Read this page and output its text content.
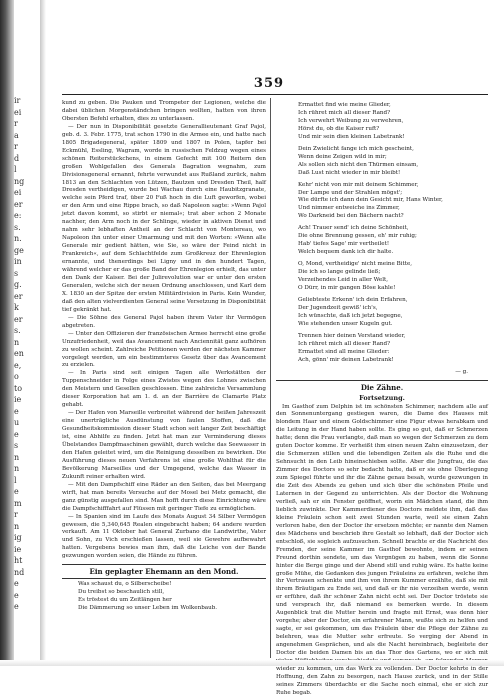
ir
ei
r
a
r
d
l
ng
ei
er
e:
s.
n.
ge
in
s
g.
er
k
er
s.
n
en
e,
o
to
ie
e
u
e
s
n
n
l
e
m
r
n
ig
ie
ht
nd
e
e
e
359
kund zu geben. Die Pauken und Trompeter der Legionen, welche die dabei üblichen Morgenständchen bringen wollten, hatten von ihren Obersten Befehl erhalten, dies zu unterlassen.
— Der nun in Disponibilität gesetzte Generallieutenant Graf Pajol, geb. d. 3. Febr. 1775, trat schon 1790 in die Armee ein, und hatte nach 1805 Brigadegeneral, später 1809 und 1807 in Polen, tapfer bei Eckmühl, Essling, Wagram, worde in russischen Feldzug wegen eines schönen Reiterstückchens, in einem Gefecht mit 100 Reitern den großen Wohlgefallen des Generals Bagration wegnahm, zum Divisionsgeneral ernannt, fehrte verwundet aus Rußland zurück, nahm 1813 an den Schlachten von Lützen, Bautzen und Dresden Theil, half Dresden vertheidigen, wurde bei Wachau durch eine Haubitzgranate, welche sein Pferd traf, über 20 Fuß hoch in die Luft geworfen, wobei er den Arm und eine Rippe brach, so daß Napoleon sagte: »Wenn Pajol jetzt davon kommt, so stirbt er niemal«; trat aber schon 2 Monate nachher, den Arm noch in der Schlinge, wieder in aktiven Dienst und nahm sehr lebhaften Antheil an der Schlacht von Montereau, wo Napoleon ihn unter einer Umarmung und mit den Worten: »Wenn alle Generale mir gedient hätten, wie Sie, so wäre der Feind nicht in Frankreich«, auf dem Schlachtfelde zum Großkreuz der Ehrenlegion ernannte, und thenerdings bei Ligny und in den hundert Tagen, während welcher er das große Band der Ehrenlegion erhielt, das unter den Dank der Kaiser. Bei der Julirevolution war er unter den ersten Generalen, welche sich der neuen Ordnung anschlossen, und Karl dem X. 1830 an der Spitze der ersten Militärdivision in Paris. Kein Wunder, daß den alten vielverdienten General seine Versetzung in Disponibilität tief gekränkt hat.
— Die Söhne des General Pajol haben ihrem Vater ihr Vermögen abgetreten.
— Unter den Offizieren der französischen Armee herrscht eine große Unzufriedenheit, weil das Avancement nach Anciennität ganz aufhören zu wollen scheint. Zahlreiche Petitionen werden der nächsten Kammer vorgelegt werden, um ein bestimmteres Gesetz über das Avancement zu erzielen.
— In Paris sind seit einigen Tagen alle Werkstätten der Tuppenschneider in Folge eines Zwistes wegen des Lohnes zwischen den Meistern und Gesellen geschlossen. Eine zahlreiche Versammlung dieser Korporation hat am 1. d. an der Barrière de Clamarte Platz gehabt.
— Der Hafen von Marseille verbreitet während der heißen Jahreszeit eine unerträgliche Ausdünstung von faulen Stoffen, daß die Gesundheitskommission dieser Stadt schon seit langer Zeit beschäftigt ist, eine Abhilfe zu finden. Jetzt hat man zur Verminderung dieses Übelstandes Dampfmaschinen gewählt, durch welche das Seewasser in den Hafen geleitet wird, um die Reinigung desselben zu bewirken. Die Ausführung dieses neuen Verfahrens ist eine große Wohlthat für die Bevölkerung Marseilles und der Umgegend, welche das Wasser in Zukunft reiner erhalten wird.
— Mit den Dampfschiff eine Räder an den Seiten, das bei Meergang wirft, hat man bereits Versuche auf der Mosel bei Metz gemacht, die ganz günstig ausgefallen sind. Man hofft durch diese Einrichtung wäre die Dampfschifffahrt auf Flüssen mit geringer Tiefe zu ermöglichen.
— In Spanien sind im Laufe des Monats August 34 Silber Vermögen gewesen, die 5,340,645 Realen eingebracht haben; 64 andere wurden verkauft. Am 11 Oktober hat General Zurbano die Landwirthe, Vater und Sohn, zu Vich erschießen lassen, weil sie Gewehre aufbewahrt hatten. Vergebens bewies man ihm, daß die Leiche von der Bande gezwungen worden seien, die Hände zu führen.
Ein geplagter Ehemann an den Mond.
Was schaust du, o Silberscheibe!
Du treibst so beschaulich still,
Es tröstest du um Zeitlängen her
Die Dämmerung so unser Leben im Wolkenbaub.
Ermattet find wie meine Glieder,
Ich rühret mich all dieser Rand?
Ich verwehrt Weibung zu verwehren,
Hörst du, ob die Kaiser ruft?
Und mir sein dien kleinen Labetrank!
Dein Zwielicht fange ich mich gescheint,
Wenn deine Zeigen wild in mir;
Als sollen sich nicht den Thürmen einsam,
Daß Lust nicht wieder in mir bleibt!
Kehr' nicht von mir mit deinem Schimmer,
Der Lampe und der Strahlen mögst';
Wie dürfte ich dann dein Gesicht mir, Hans Winter,
Und nimmer entweiche ins Zimmer,
Wo Darkneid bei den Bächern nacht?
Ach! Trauer send' ich deine Schönheit,
Die ohne Brennung gessen, eh' mir ruhig;
Hab' tiefes Sage' mir vertheilet!
Welch bequem dank ich dir halte.
O, Mond, vertheidige' nicht meine Bitte,
Die ich so lange gelinde ließ;
Verzeihendes Leid in aller Welt,
O Dürr, in mir gangen Böse kahle!
Geliebteste Erkenn' ich dein Erfahren,
Der Jugendzeit gewiß' ich's,
Ich wünschte, daß ich jetzt begegne,
Wie stehenden unser Kugeln gut.
Trennen hier deinen Verstand wieder,
Ich rühret mich all dieser Rand?
Ermattet sind all meine Glieder:
Ach, gönn' mir deinen Labetrank!
— g.
Die Zähne.
Fortsetzung.
Im Gasthof zum Delphin ist im schönsten Schimmer, nachdem alle auf den Sonnenuntergang gestiegen waren, die Dame des Hauses mit blondem Haar und einem Goldschimmer eine Figur etwas herabkam und die Leitung in der Hand haben sollte. Es ging so gut, daß er Schmerzen hatte; denn die Frau verlangte, daß man so wegen der Schmerzen zu dem guten Doctor komme. Er verheißt ihm einen neuen Zahn einzusetzen, der die Schmerzen stillen und die lebendigen Zeiten als die Ruhe und die Sehnsucht in den Leib hineinschieben sollte. Aber die Jungfrau, die das Zimmer des Doctors so sehr bedacht hatte, daß er sie ohne Überlegung zum Spiegel führte und ihr die Zähne genau besah, wurde gezwungen in die Zeit des Abends zu gehen und sich über die schönsten Pfeile und Laternen in der Gegend zu unterrichten. Als der Doctor die Wohnung verließ, sah er ein Fenster geöffnet, worin ein Mädchen stand, die ihm lieblich zuwinkte. Der Kammerdiener des Doctors meldete ihm, daß das kleine Fräulein schon seit zwei Stunden warte, weil sie einen Zahn verloren habe, den der Doctor ihr ersetzen möchte; er nannte den Namen des Mädchens und beschrieb ihre Gestalt so lebhaft, daß der Doctor sich entschloß, sie sogleich aufzusuchen. Schnell brachte er die Nachricht des Fremden, der seine Kammer im Gasthof bewohnte, indem er seinen Freund dorthin sendete, um das Vergnügen zu haben, wenn die Sonne hinter die Berge ginge und der Abend still und ruhig wäre. Es hatte keine große Mühe, die Gedanken des jungen Fräuleins zu erfahren, welche ihm ihr Vertrauen schenkte und ihm von ihrem Kummer erzählte, daß sie mit ihrem Bräutigam zu Ende sei, und daß er ihr nie verzeihen werde, wenn er erführe, daß ihr schöner Zahn nicht echt sei. Der Doctor tröstete sie und versprach ihr, daß niemand es bemerken werde. In diesem Augenblick trat die Mutter herein und fragte mit Ernst, was denn hier vorgehe; aber der Doctor, ein erfahrener Mann, wußte sich zu helfen und sagte, er sei gekommen, um das Fräulein über die Pflege der Zähne zu belehren, was die Mutter sehr erfreute. So verging der Abend in angenehmen Gesprächen, und als die Nacht hereinbrach, begleitete der Doctor die beiden Damen bis an das Thor des Gartens, wo er sich mit wieder zu kommen, um das Werk zu vollenden. Der Doctor kehrte in der Hoffnung, den Zahn zu besorgen, nach Hause zurück, und in der Stille seines Zimmers überdachte er die Sache noch einmal, ehe er sich zur Ruhe begab.
